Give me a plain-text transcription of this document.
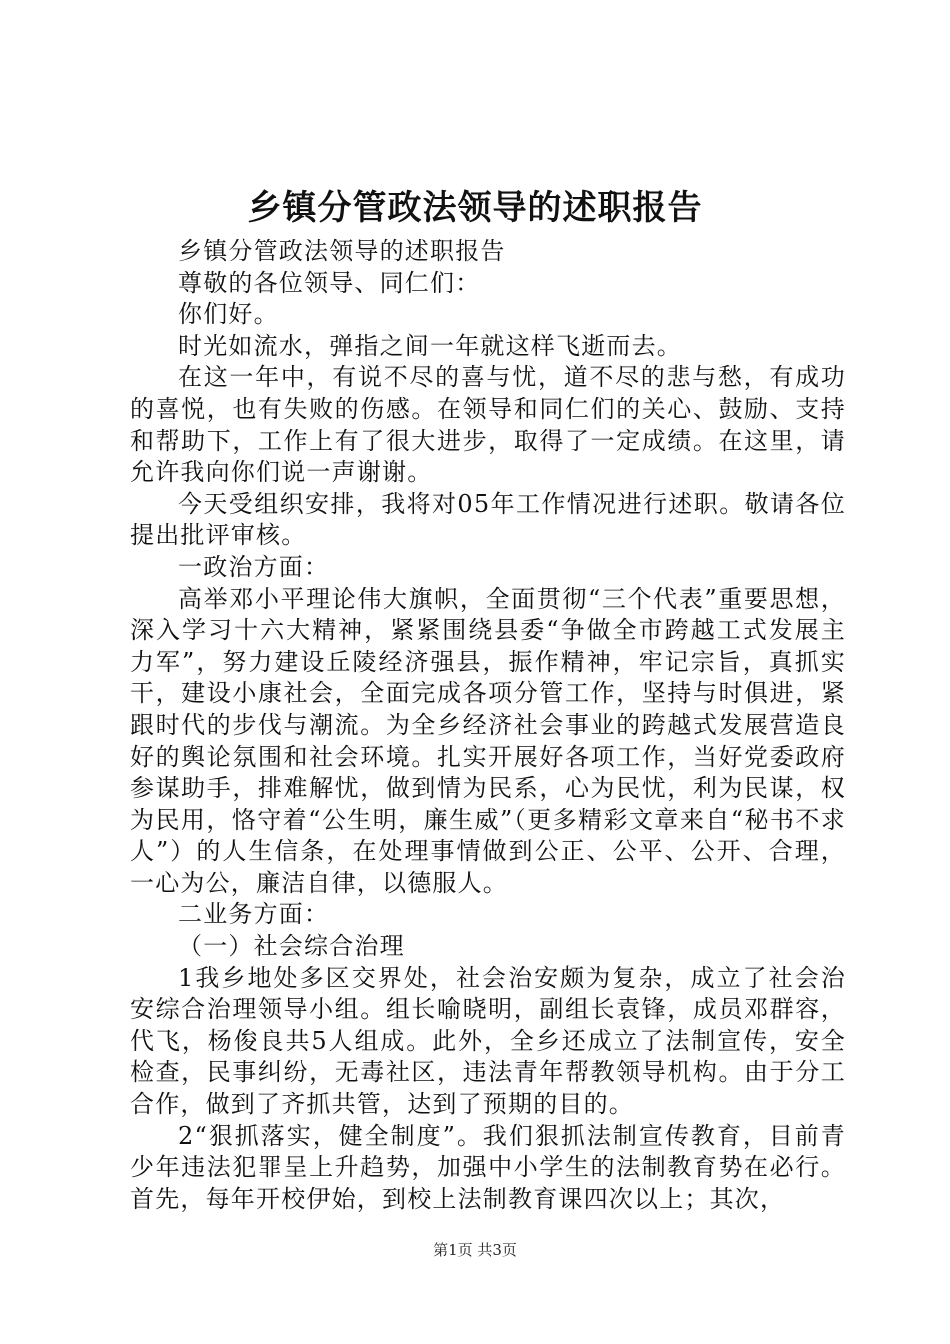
乡镇分管政法领导的述职报告

乡镇分管政法领导的述职报告

尊敬的各位领导、同仁们：

你们好。

时光如流水，弹指之间一年就这样飞逝而去。

在这一年中，有说不尽的喜与忧，道不尽的悲与愁，有成功的喜悦，也有失败的伤感。在领导和同仁们的关心、鼓励、支持和帮助下，工作上有了很大进步，取得了一定成绩。在这里，请允许我向你们说一声谢谢。

今天受组织安排，我将对05年工作情况进行述职。敬请各位提出批评审核。

一政治方面：

高举邓小平理论伟大旗帜，全面贯彻“三个代表”重要思想，深入学习十六大精神，紧紧围绕县委“争做全市跨越工式发展主力军”，努力建设丘陵经济强县，振作精神，牢记宗旨，真抓实干，建设小康社会，全面完成各项分管工作，坚持与时俱进，紧跟时代的步伐与潮流。为全乡经济社会事业的跨越式发展营造良好的舆论氛围和社会环境。扎实开展好各项工作，当好党委政府参谋助手，排难解忧，做到情为民系，心为民忧，利为民谋，权为民用，恪守着“公生明，廉生威”（更多精彩文章来自“秘书不求人”）的人生信条，在处理事情做到公正、公平、公开、合理，一心为公，廉洁自律，以德服人。

二业务方面：

（一）社会综合治理

1我乡地处多区交界处，社会治安颇为复杂，成立了社会治安综合治理领导小组。组长喻晓明，副组长袁锋，成员邓群容，代飞，杨俊良共5人组成。此外，全乡还成立了法制宣传，安全检查，民事纠纷，无毒社区，违法青年帮教领导机构。由于分工合作，做到了齐抓共管，达到了预期的目的。

2“狠抓落实，健全制度”。我们狠抓法制宣传教育，目前青少年违法犯罪呈上升趋势，加强中小学生的法制教育势在必行。首先，每年开校伊始，到校上法制教育课四次以上；其次，

第1页 共3页
